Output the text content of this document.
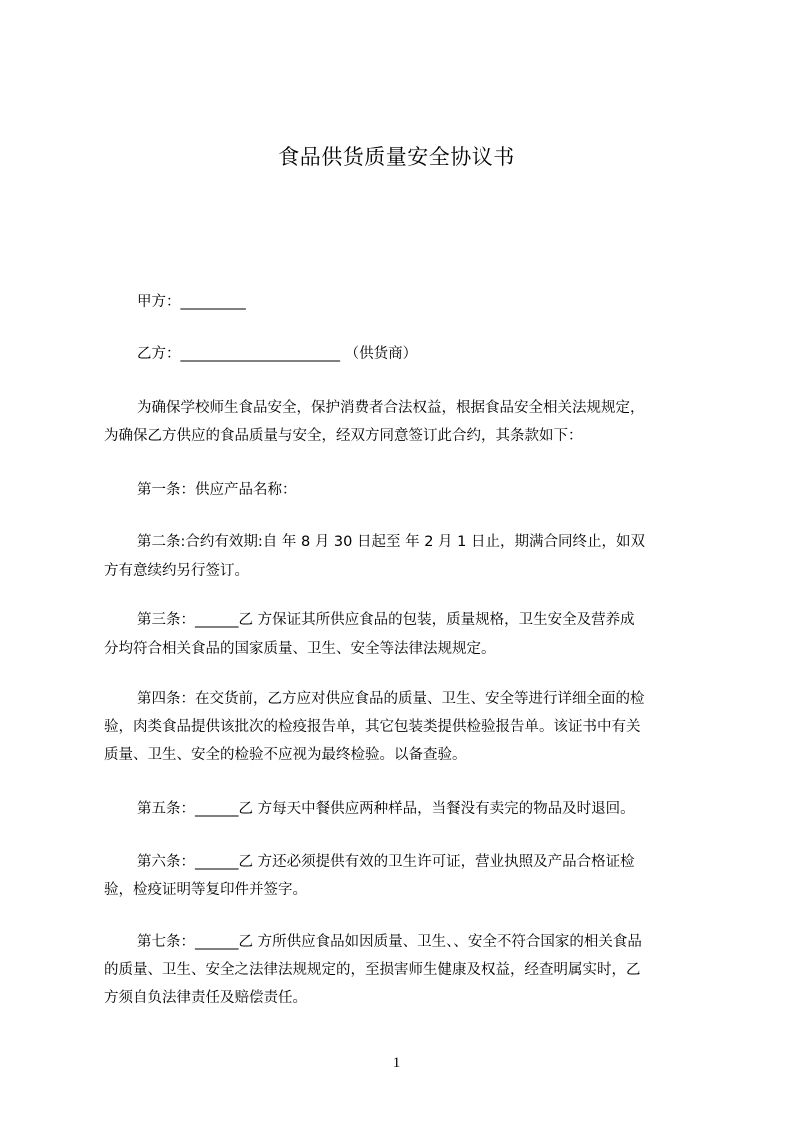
食品供货质量安全协议书
甲方：_________
乙方：______________________ （供货商）
为确保学校师生食品安全，保护消费者合法权益，根据食品安全相关法规规定，
为确保乙方供应的食品质量与安全，经双方同意签订此合约，其条款如下：
第一条：供应产品名称：
第二条:合约有效期:自 年 8 月 30 日起至 年 2 月 1 日止，期满合同终止，如双
方有意续约另行签订。
第三条：______乙 方保证其所供应食品的包装，质量规格，卫生安全及营养成
分均符合相关食品的国家质量、卫生、安全等法律法规规定。
第四条：在交货前，乙方应对供应食品的质量、卫生、安全等进行详细全面的检
验，肉类食品提供该批次的检疫报告单，其它包装类提供检验报告单。该证书中有关
质量、卫生、安全的检验不应视为最终检验。以备查验。
第五条：______乙 方每天中餐供应两种样品，当餐没有卖完的物品及时退回。
第六条：______乙 方还必须提供有效的卫生许可证，营业执照及产品合格证检
验，检疫证明等复印件并签字。
第七条：______乙 方所供应食品如因质量、卫生、、安全不符合国家的相关食品
的质量、卫生、安全之法律法规规定的，至损害师生健康及权益，经查明属实时，乙
方须自负法律责任及赔偿责任。
1
